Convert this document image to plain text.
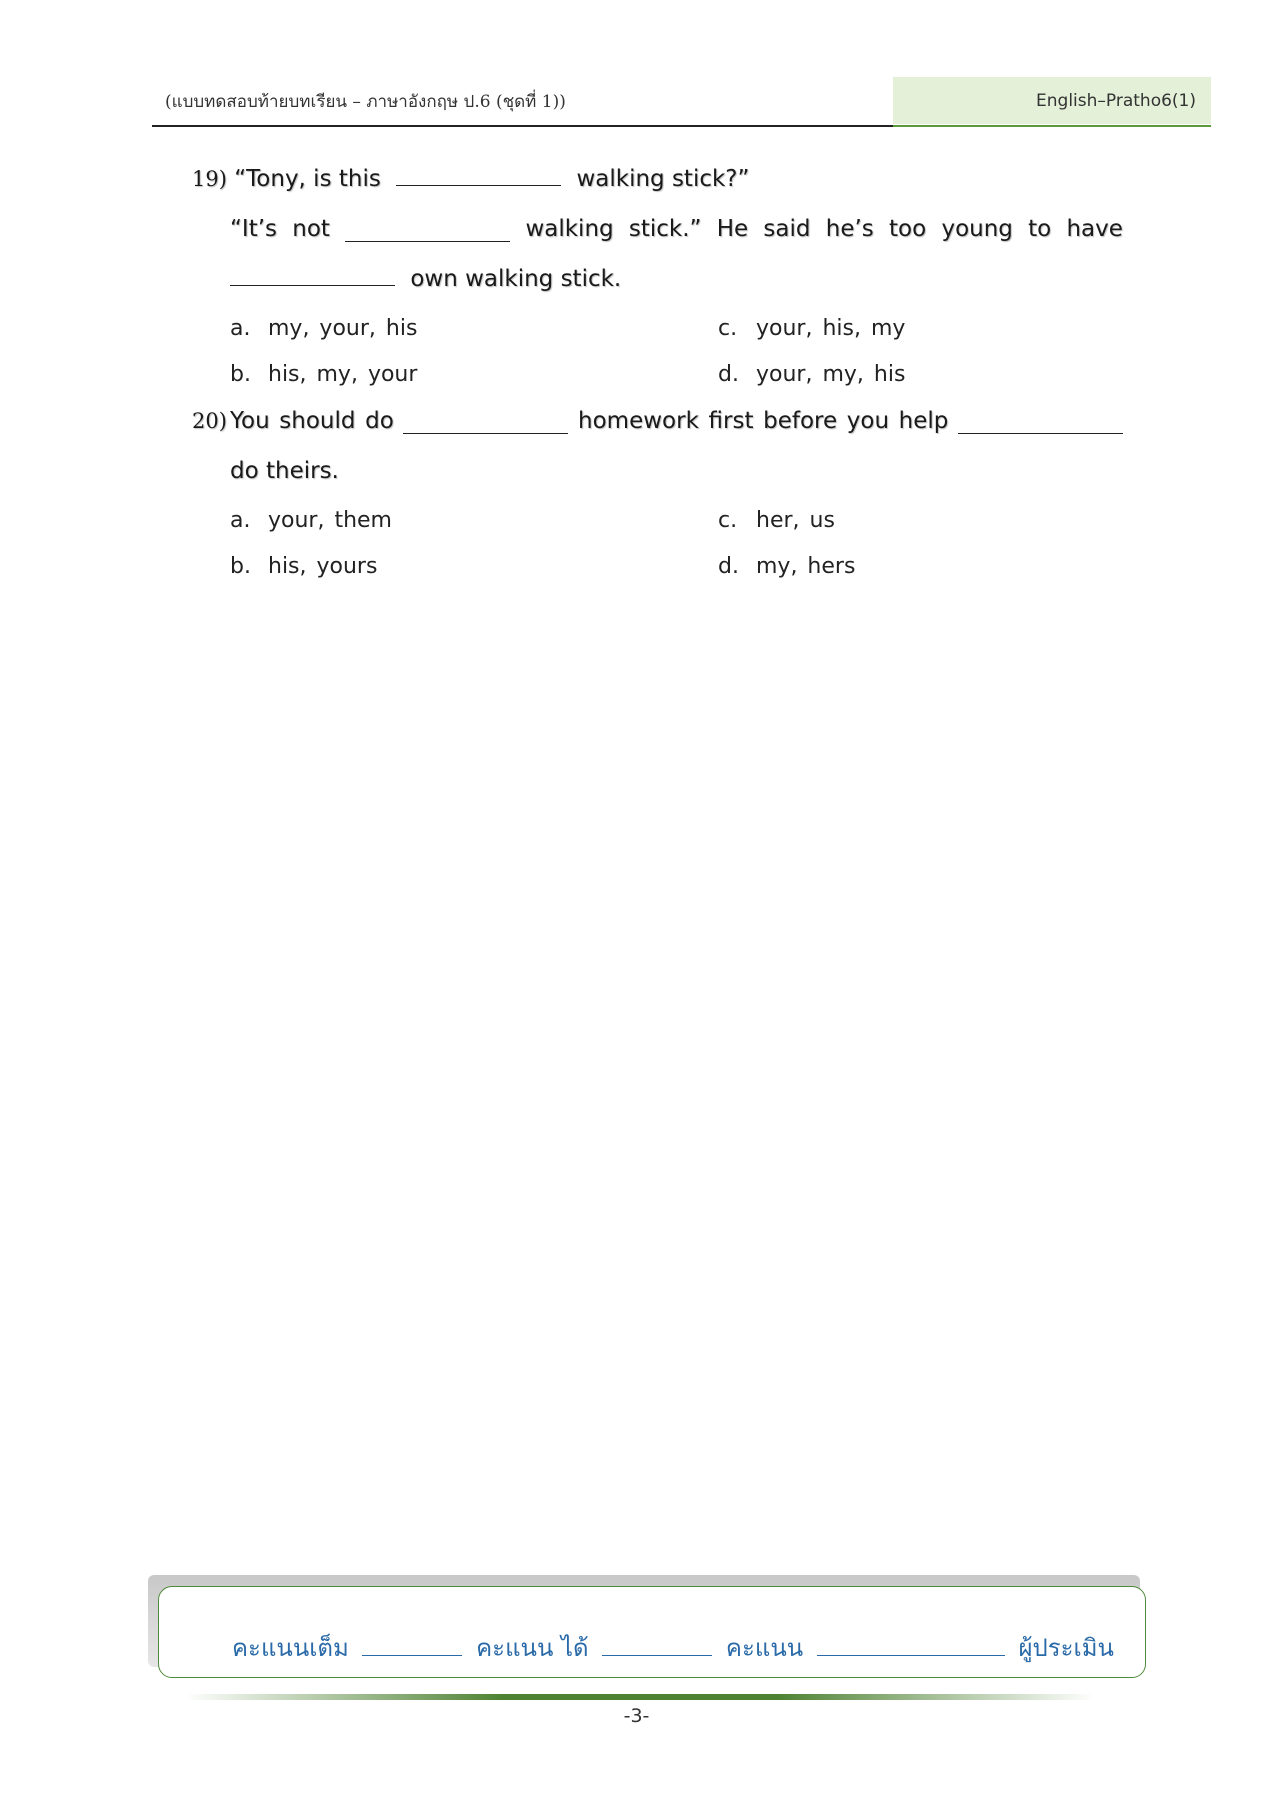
(แบบทดสอบท้ายบทเรียน – ภาษาอังกฤษ ป.6 (ชุดที่ 1))	English–Pratho6(1)
19) “Tony, is this	walking stick?”
“It’s not	walking stick.” He said he’s too young to have
own walking stick.
a. my, your, his
b. his, my, your
c. your, his, my
d. your, my, his
20) You should do	homework first before you help
do theirs.
a. your, them
b. his, yours
c. her, us
d. my, hers
คะแนนเต็ม	คะแนน ได้	คะแนน	ผู้ประเมิน
-3-
